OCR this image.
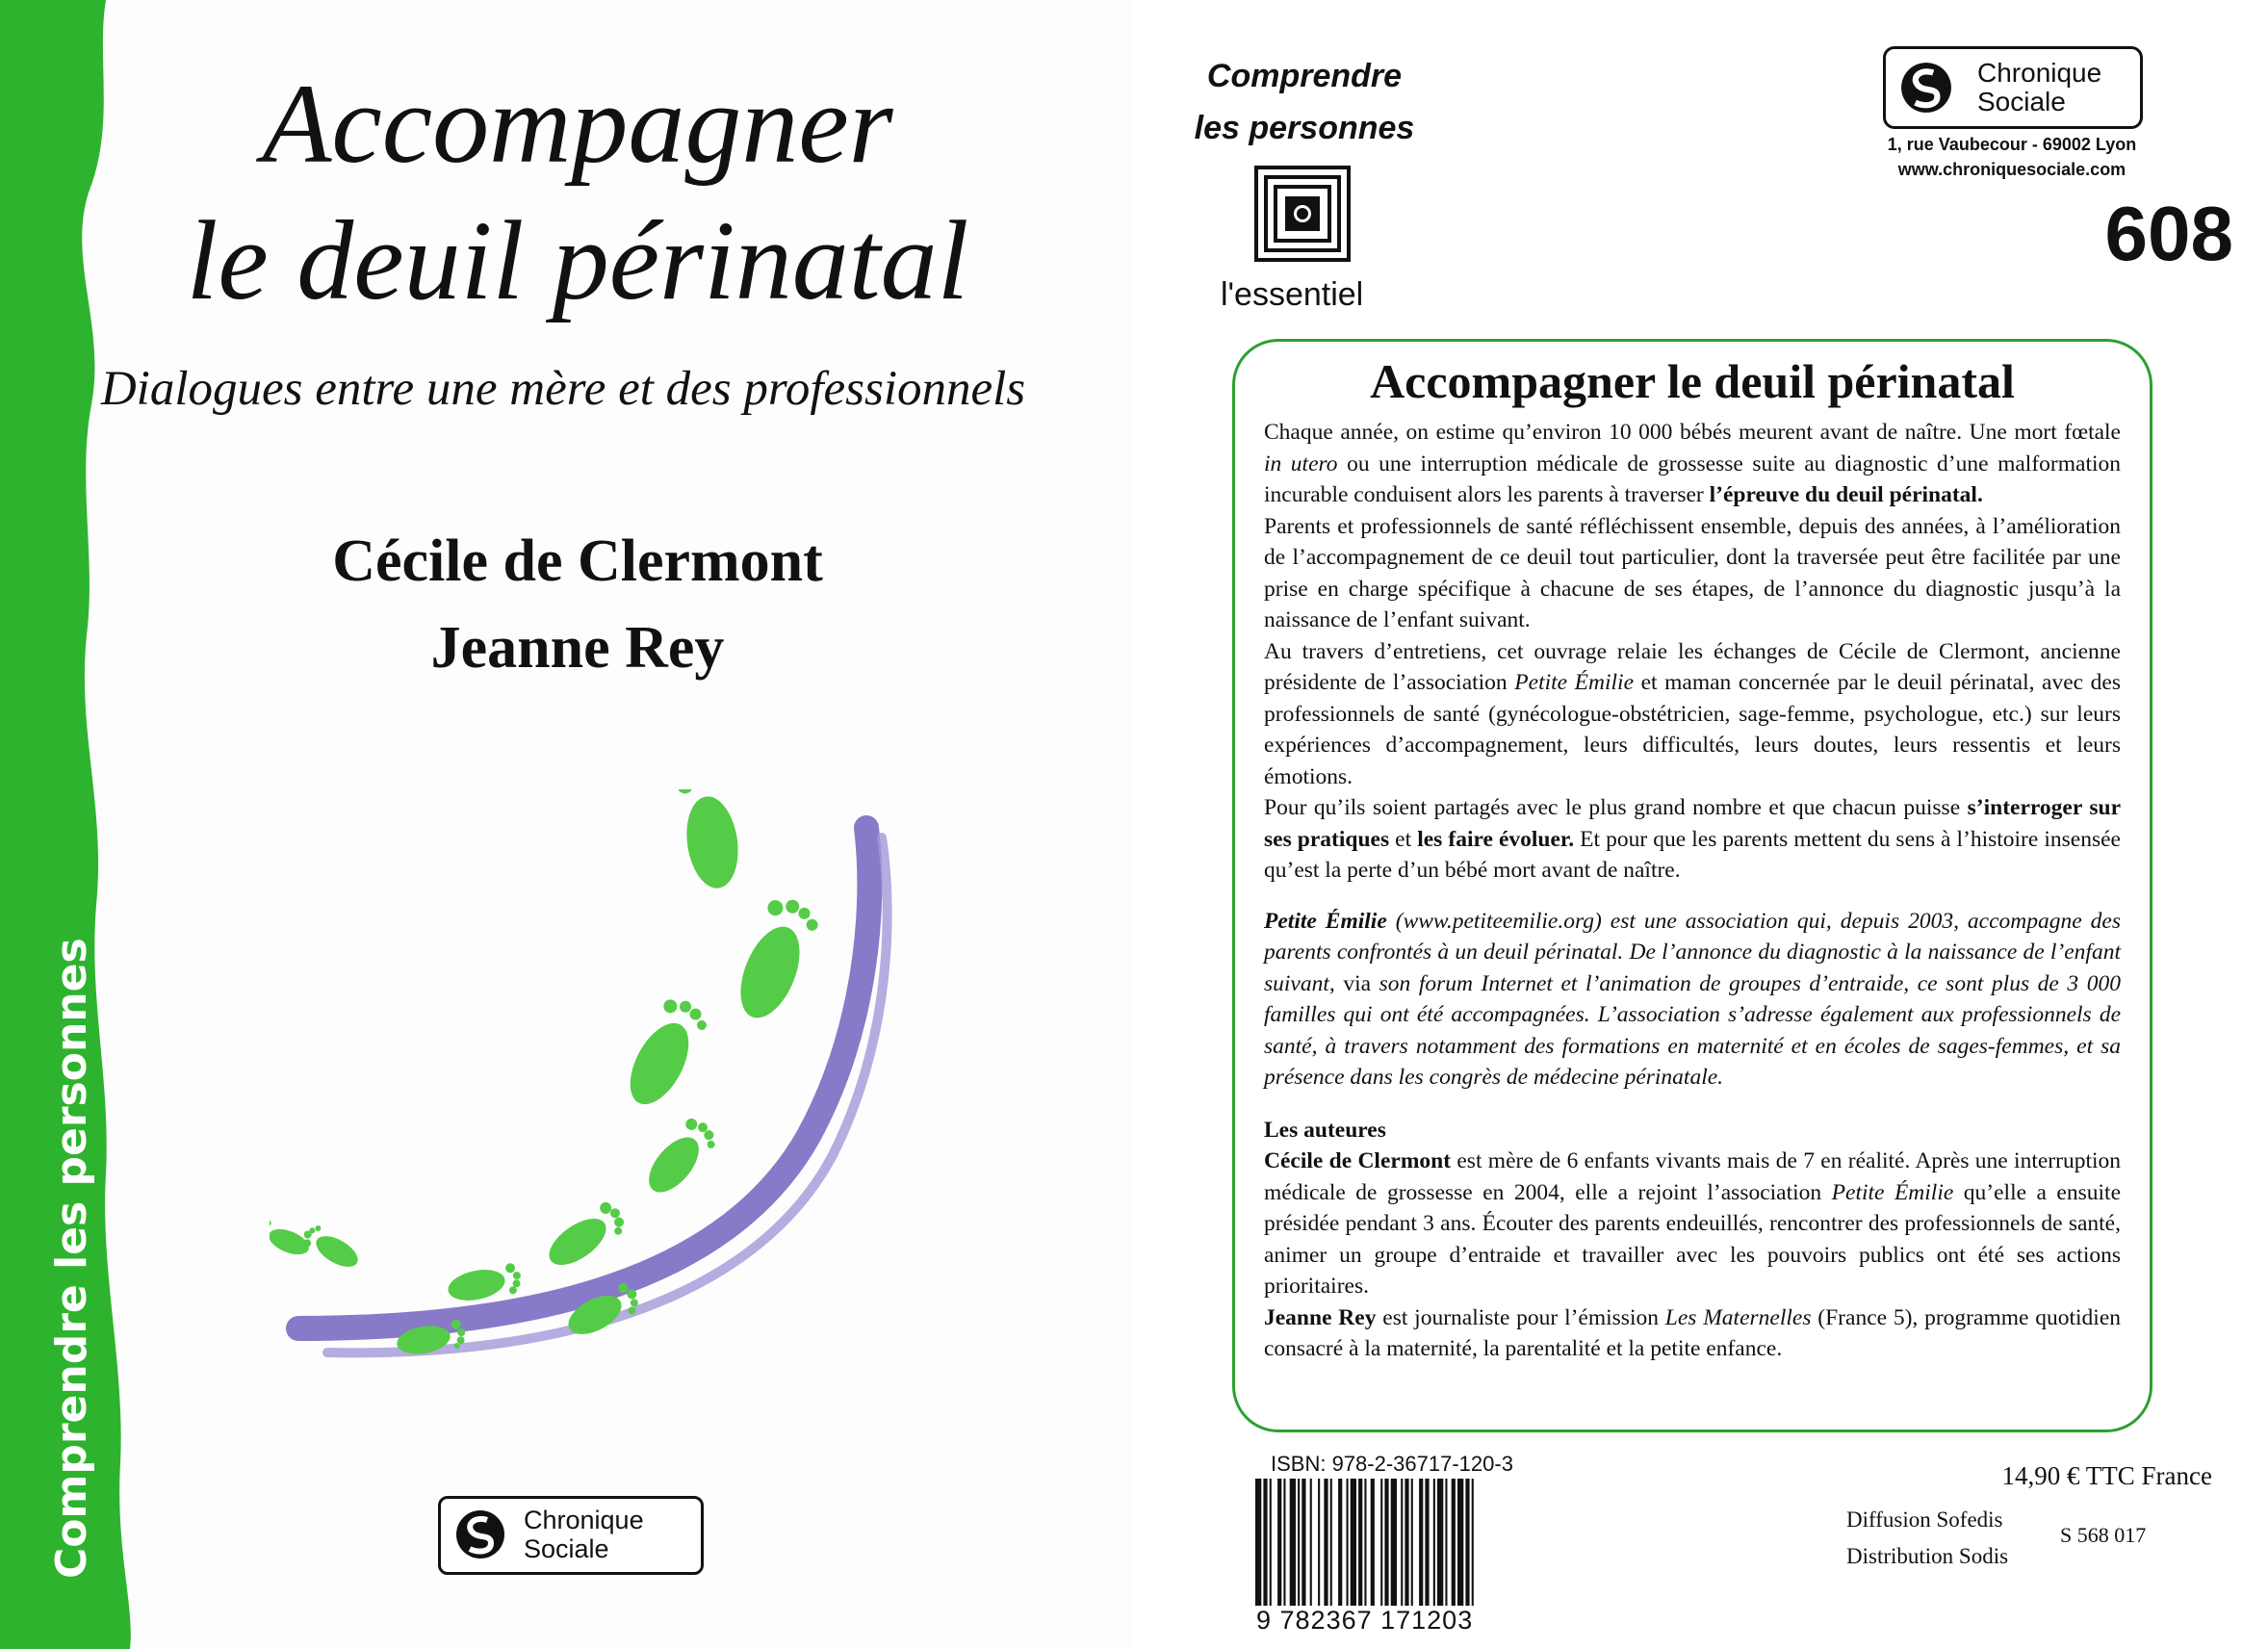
Comprendre les personnes
Accompagner
le deuil périnatal
Dialogues entre une mère et des professionnels
Cécile de Clermont
Jeanne Rey
Chronique
Sociale
Comprendre
les personnes
l'essentiel
Chronique
Sociale
1, rue Vaubecour - 69002 Lyon
www.chroniquesociale.com
608
Accompagner le deuil périnatal

Chaque année, on estime qu’environ 10 000 bébés meurent avant de naître. Une mort fœtale in utero ou une interruption médicale de grossesse suite au diagnostic d’une malformation incurable conduisent alors les parents à traverser l’épreuve du deuil périnatal.

Parents et professionnels de santé réfléchissent ensemble, depuis des années, à l’amélioration de l’accompagnement de ce deuil tout particulier, dont la traversée peut être facilitée par une prise en charge spécifique à chacune de ses étapes, de l’annonce du diagnostic jusqu’à la naissance de l’enfant suivant.

Au travers d’entretiens, cet ouvrage relaie les échanges de Cécile de Clermont, ancienne présidente de l’association Petite Émilie et maman concernée par le deuil périnatal, avec des professionnels de santé (gynécologue-obstétricien, sage-femme, psychologue, etc.) sur leurs expériences d’accompagnement, leurs difficultés, leurs doutes, leurs ressentis et leurs émotions.

Pour qu’ils soient partagés avec le plus grand nombre et que chacun puisse s’interroger sur ses pratiques et les faire évoluer. Et pour que les parents mettent du sens à l’histoire insensée qu’est la perte d’un bébé mort avant de naître.

Petite Émilie (www.petiteemilie.org) est une association qui, depuis 2003, accompagne des parents confrontés à un deuil périnatal. De l’annonce du diagnostic à la naissance de l’enfant suivant, via son forum Internet et l’animation de groupes d’entraide, ce sont plus de 3 000 familles qui ont été accompagnées. L’association s’adresse également aux professionnels de santé, à travers notamment des formations en maternité et en écoles de sages-femmes, et sa présence dans les congrès de médecine périnatale.

Les auteures

Cécile de Clermont est mère de 6 enfants vivants mais de 7 en réalité. Après une interruption médicale de grossesse en 2004, elle a rejoint l’association Petite Émilie qu’elle a ensuite présidée pendant 3 ans. Écouter des parents endeuillés, rencontrer des professionnels de santé, animer un groupe d’entraide et travailler avec les pouvoirs publics ont été ses actions prioritaires.

Jeanne Rey est journaliste pour l’émission Les Maternelles (France 5), programme quotidien consacré à la maternité, la parentalité et la petite enfance.

ISBN: 978-2-36717-120-3
9 782367 171203
14,90 € TTC France
Diffusion Sofedis
Distribution Sodis
S 568 017
